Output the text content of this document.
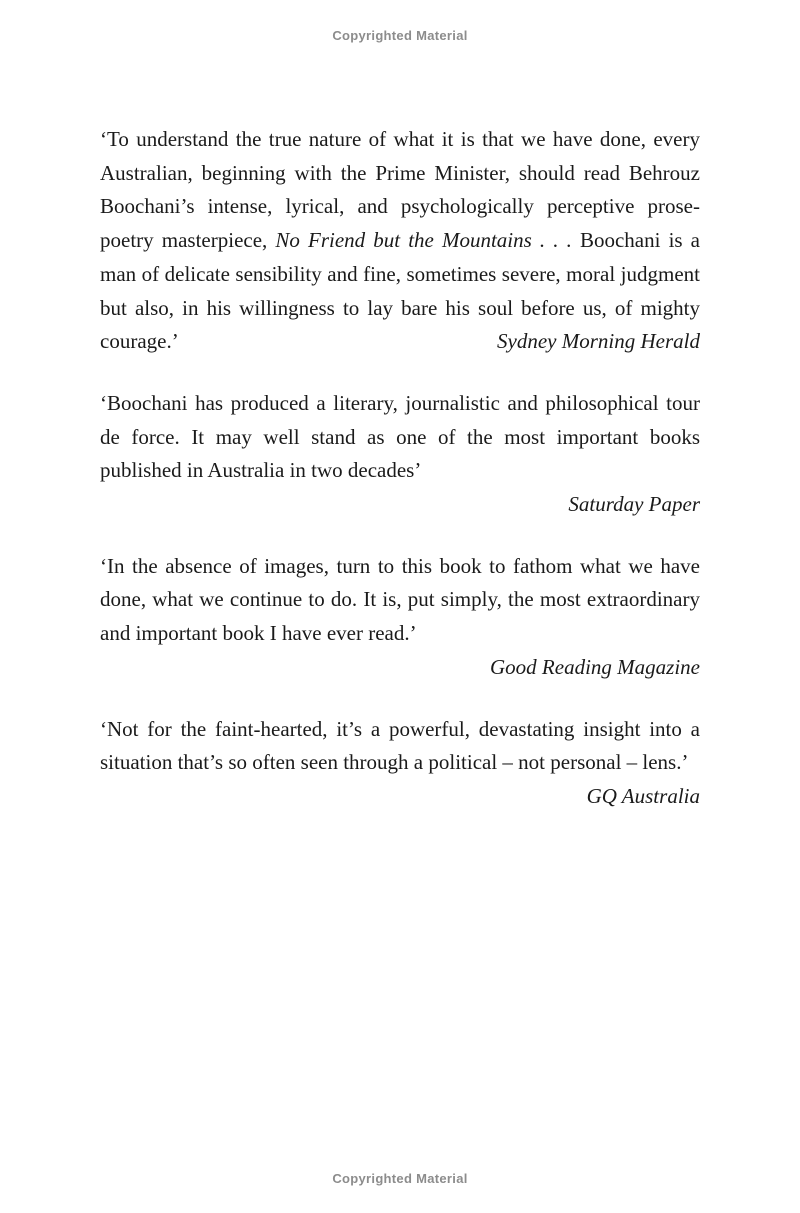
Copyrighted Material

‘To understand the true nature of what it is that we have done, every Australian, beginning with the Prime Minister, should read Behrouz Boochani’s intense, lyrical, and psychologically perceptive prose-poetry masterpiece, No Friend but the Mountains . . . Boochani is a man of delicate sensibility and fine, sometimes severe, moral judgment but also, in his willingness to lay bare his soul before us, of mighty courage.’	Sydney Morning Herald

‘Boochani has produced a literary, journalistic and philosophical tour de force. It may well stand as one of the most important books published in Australia in two decades’

Saturday Paper

‘In the absence of images, turn to this book to fathom what we have done, what we continue to do. It is, put simply, the most extraordinary and important book I have ever read.’

Good Reading Magazine

‘Not for the faint-hearted, it’s a powerful, devastating insight into a situation that’s so often seen through a political – not personal – lens.’
GQ Australia

Copyrighted Material
